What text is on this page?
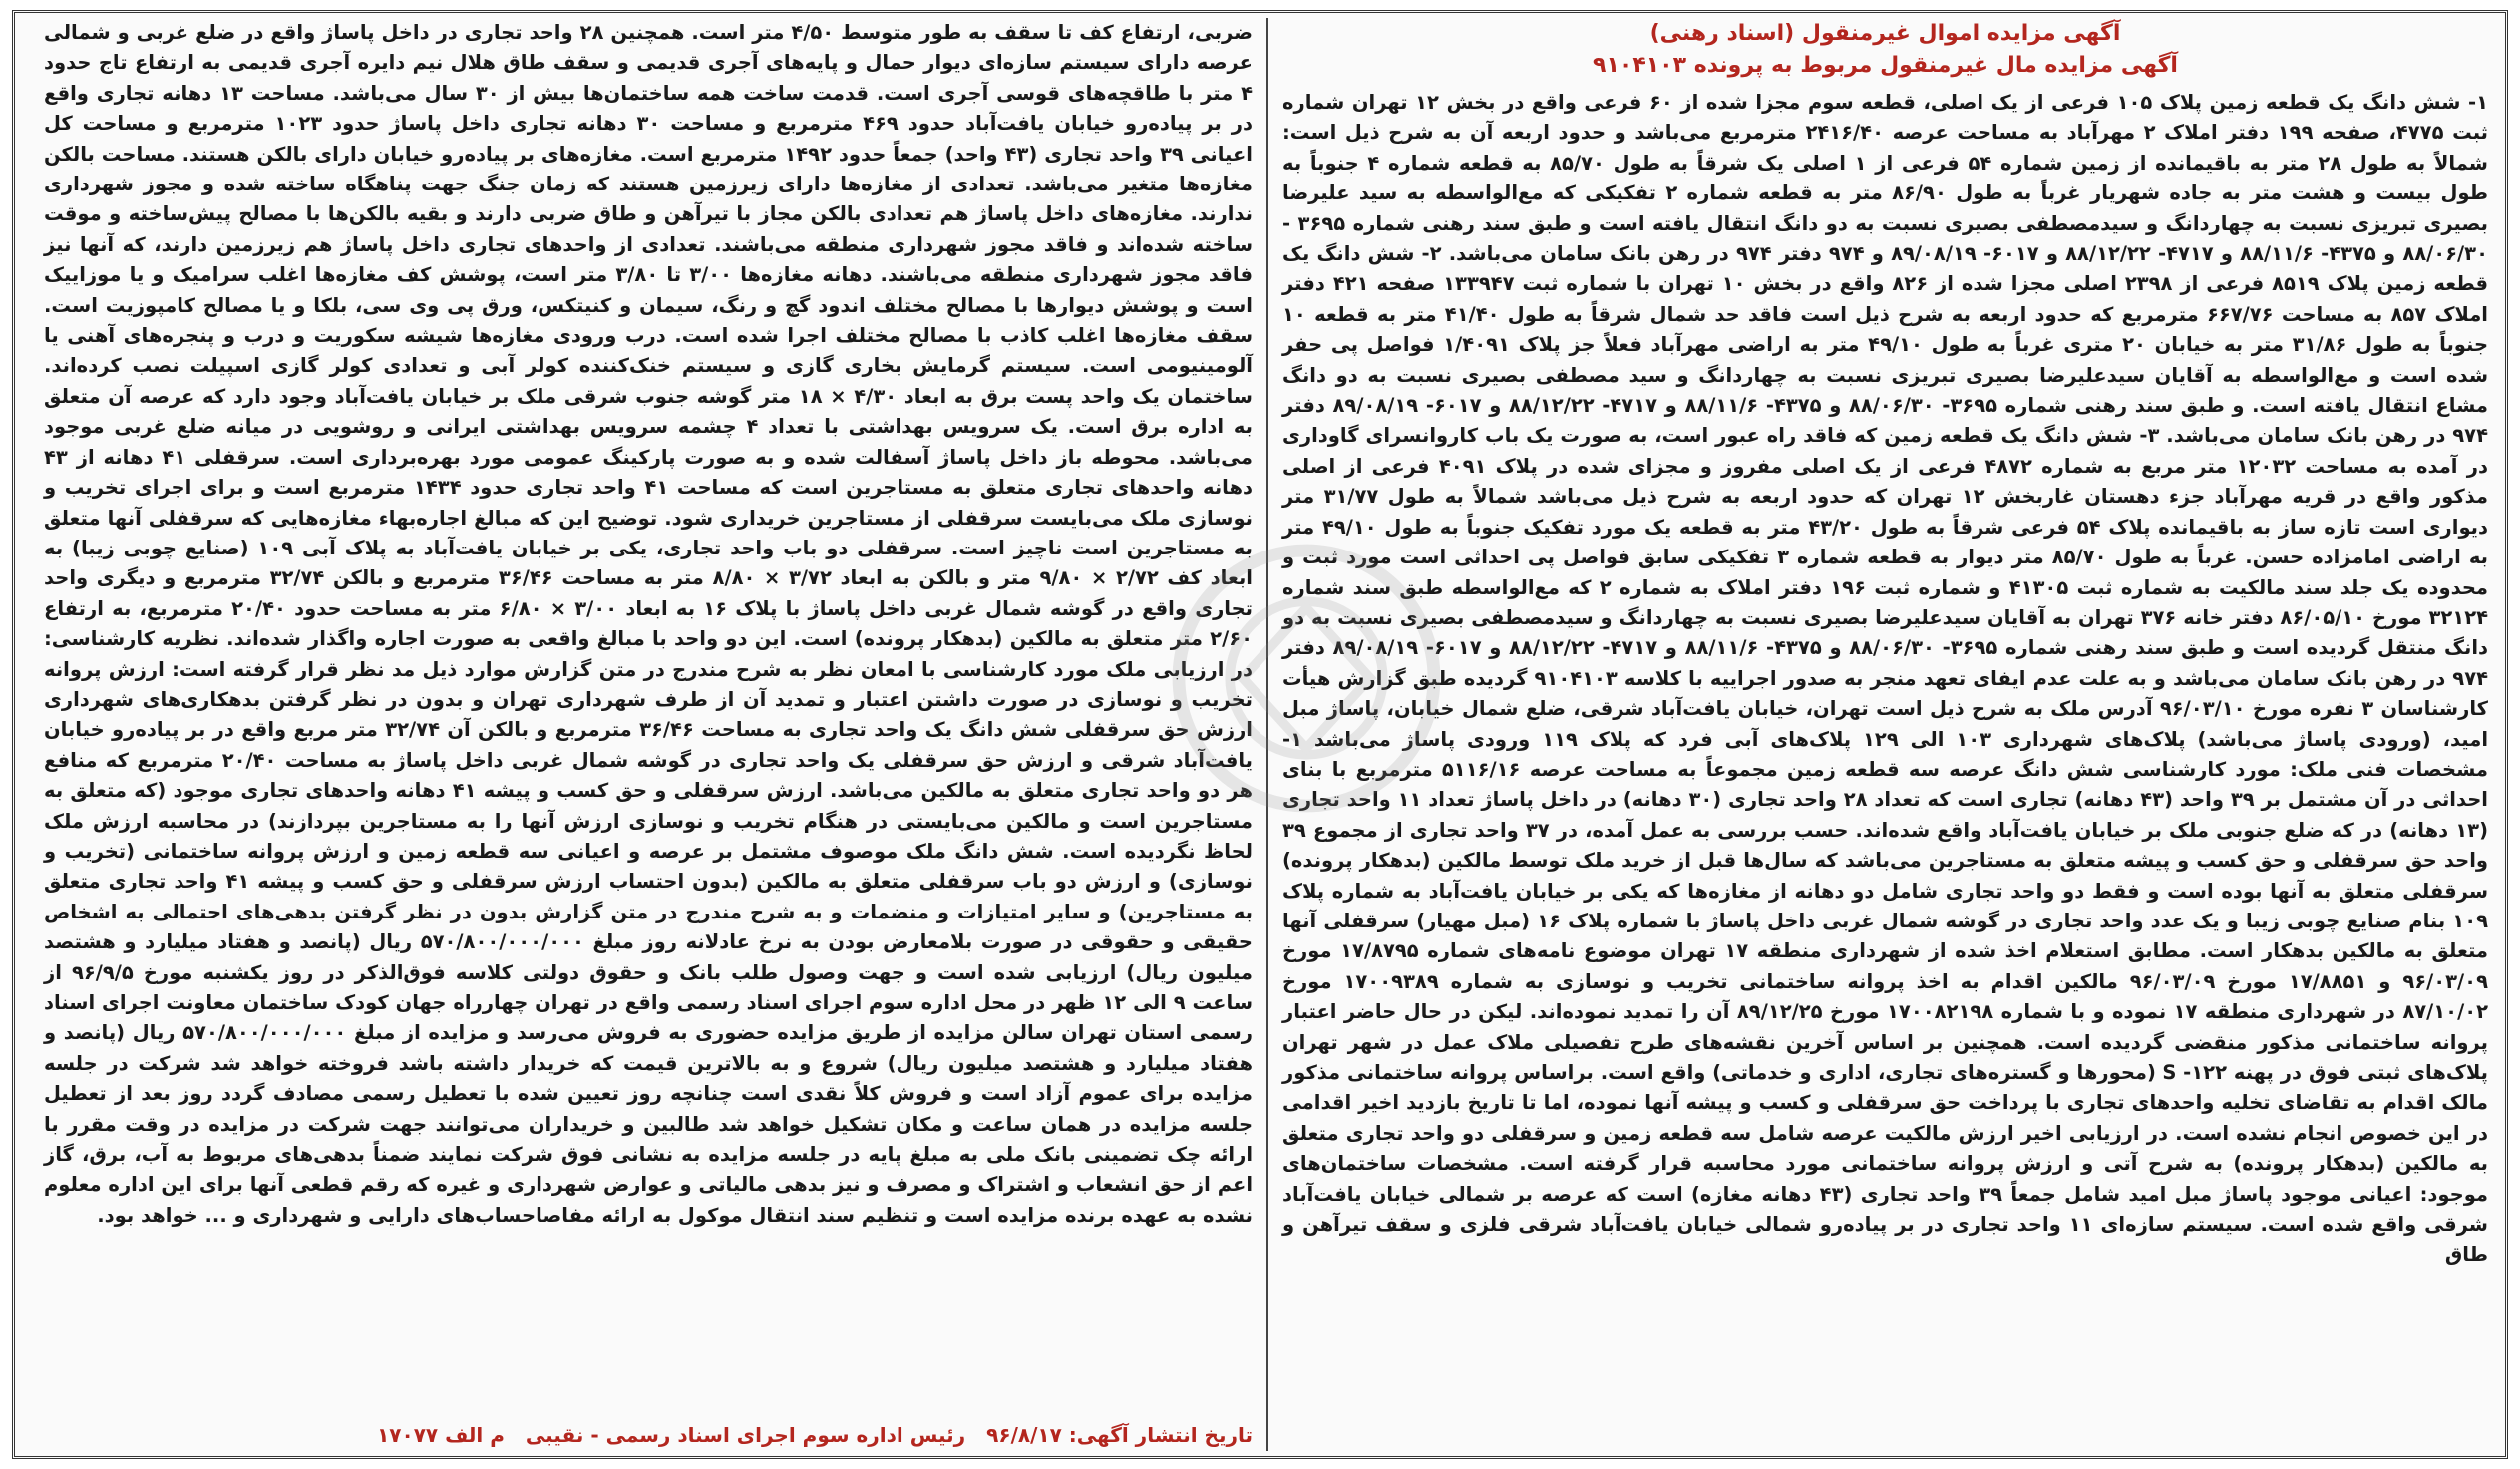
آگهی مزایده اموال غیرمنقول (اسناد رهنی)

آگهی مزایده مال غیرمنقول مربوط به پرونده ۹۱۰۴۱۰۳

۱- شش دانگ یک قطعه زمین پلاک ۱۰۵ فرعی از یک اصلی، قطعه سوم مجزا شده از ۶۰ فرعی واقع در بخش ۱۲ تهران شماره ثبت ۴۷۷۵، صفحه ۱۹۹ دفتر املاک ۲ مهرآباد به مساحت عرصه ۲۴۱۶/۴۰ مترمربع می‌باشد و حدود اربعه آن به شرح ذیل است: شمالاً به طول ۲۸ متر به باقیمانده از زمین شماره ۵۴ فرعی از ۱ اصلی یک شرقاً به طول ۸۵/۷۰ به قطعه شماره ۴ جنوباً به طول بیست و هشت متر به جاده شهریار غرباً به طول ۸۶/۹۰ متر به قطعه شماره ۲ تفکیکی که مع‌الواسطه به سید علیرضا بصیری تبریزی نسبت به چهاردانگ و سیدمصطفی بصیری نسبت به دو دانگ انتقال یافته است و طبق سند رهنی شماره ۳۶۹۵ - ۸۸/۰۶/۳۰ و ۴۳۷۵- ۸۸/۱۱/۶ و ۴۷۱۷- ۸۸/۱۲/۲۲ و ۶۰۱۷- ۸۹/۰۸/۱۹ و ۹۷۴ دفتر ۹۷۴ در رهن بانک سامان می‌باشد. ۲- شش دانگ یک قطعه زمین پلاک ۸۵۱۹ فرعی از ۲۳۹۸ اصلی مجزا شده از ۸۲۶ واقع در بخش ۱۰ تهران با شماره ثبت ۱۳۳۹۴۷ صفحه ۴۲۱ دفتر املاک ۸۵۷ به مساحت ۶۶۷/۷۶ مترمربع که حدود اربعه به شرح ذیل است فاقد حد شمال شرقاً به طول ۴۱/۴۰ متر به قطعه ۱۰ جنوباً به طول ۳۱/۸۶ متر به خیابان ۲۰ متری غرباً به طول ۴۹/۱۰ متر به اراضی مهرآباد فعلاً جز پلاک ۱/۴۰۹۱ فواصل پی حفر شده است و مع‌الواسطه به آقایان سیدعلیرضا بصیری تبریزی نسبت به چهاردانگ و سید مصطفی بصیری نسبت به دو دانگ مشاع انتقال یافته است. و طبق سند رهنی شماره ۳۶۹۵- ۸۸/۰۶/۳۰ و ۴۳۷۵- ۸۸/۱۱/۶ و ۴۷۱۷- ۸۸/۱۲/۲۲ و ۶۰۱۷- ۸۹/۰۸/۱۹ دفتر ۹۷۴ در رهن بانک سامان می‌باشد. ۳- شش دانگ یک قطعه زمین که فاقد راه عبور است، به صورت یک باب کاروانسرای گاوداری در آمده به مساحت ۱۲۰۳۲ متر مربع به شماره ۴۸۷۲ فرعی از یک اصلی مفروز و مجزای شده در پلاک ۴۰۹۱ فرعی از اصلی مذکور واقع در قریه مهرآباد جزء دهستان غاربخش ۱۲ تهران که حدود اربعه به شرح ذیل می‌باشد شمالاً به طول ۳۱/۷۷ متر دیواری است تازه ساز به باقیمانده پلاک ۵۴ فرعی شرقاً به طول ۴۳/۲۰ متر به قطعه یک مورد تفکیک جنوباً به طول ۴۹/۱۰ متر به اراضی امامزاده حسن. غرباً به طول ۸۵/۷۰ متر دیوار به قطعه شماره ۳ تفکیکی سابق فواصل پی احداثی است مورد ثبت و محدوده یک جلد سند مالکیت به شماره ثبت ۴۱۳۰۵ و شماره ثبت ۱۹۶ دفتر املاک به شماره ۲ که مع‌الواسطه طبق سند شماره ۳۲۱۲۴ مورخ ۸۶/۰۵/۱۰ دفتر خانه ۳۷۶ تهران به آقایان سیدعلیرضا بصیری نسبت به چهاردانگ و سیدمصطفی بصیری نسبت به دو دانگ منتقل گردیده است و طبق سند رهنی شماره ۳۶۹۵- ۸۸/۰۶/۳۰ و ۴۳۷۵- ۸۸/۱۱/۶ و ۴۷۱۷- ۸۸/۱۲/۲۲ و ۶۰۱۷- ۸۹/۰۸/۱۹ دفتر ۹۷۴ در رهن بانک سامان می‌باشد و به علت عدم ایفای تعهد منجر به صدور اجراییه با کلاسه ۹۱۰۴۱۰۳ گردیده طبق گزارش هیأت کارشناسان ۳ نفره مورخ ۹۶/۰۳/۱۰ آدرس ملک به شرح ذیل است تهران، خیابان یافت‌آباد شرقی، ضلع شمال خیابان، پاساژ مبل امید، (ورودی پاساژ می‌باشد) پلاک‌های شهرداری ۱۰۳ الی ۱۲۹ پلاک‌های آبی فرد که پلاک ۱۱۹ ورودی پاساژ می‌باشد ۱- مشخصات فنی ملک: مورد کارشناسی شش دانگ عرصه سه قطعه زمین مجموعاً به مساحت عرصه ۵۱۱۶/۱۶ مترمربع با بنای احداثی در آن مشتمل بر ۳۹ واحد (۴۳ دهانه) تجاری است که تعداد ۲۸ واحد تجاری (۳۰ دهانه) در داخل پاساژ تعداد ۱۱ واحد تجاری (۱۳ دهانه) در که ضلع جنوبی ملک بر خیابان یافت‌آباد واقع شده‌اند. حسب بررسی به عمل آمده، در ۳۷ واحد تجاری از مجموع ۳۹ واحد حق سرقفلی و حق کسب و پیشه متعلق به مستاجرین می‌باشد که سال‌ها قبل از خرید ملک توسط مالکین (بدهکار پرونده) سرقفلی متعلق به آنها بوده است و فقط دو واحد تجاری شامل دو دهانه از مغازه‌ها که یکی بر خیابان یافت‌آباد به شماره پلاک ۱۰۹ بنام صنایع چوبی زیبا و یک عدد واحد تجاری در گوشه شمال غربی داخل پاساژ با شماره پلاک ۱۶ (مبل مهیار) سرقفلی آنها متعلق به مالکین بدهکار است. مطابق استعلام اخذ شده از شهرداری منطقه ۱۷ تهران موضوع نامه‌های شماره ۱۷/۸۷۹۵ مورخ ۹۶/۰۳/۰۹ و ۱۷/۸۸۵۱ مورخ ۹۶/۰۳/۰۹ مالکین اقدام به اخذ پروانه ساختمانی تخریب و نوسازی به شماره ۱۷۰۰۹۳۸۹ مورخ ۸۷/۱۰/۰۲ در شهرداری منطقه ۱۷ نموده و با شماره ۱۷۰۰۸۲۱۹۸ مورخ ۸۹/۱۲/۲۵ آن را تمدید نموده‌اند. لیکن در حال حاضر اعتبار پروانه ساختمانی مذکور منقضی گردیده است. همچنین بر اساس آخرین نقشه‌های طرح تفصیلی ملاک عمل در شهر تهران پلاک‌های ثبتی فوق در پهنه ۱۲۲- S (محورها و گستره‌های تجاری، اداری و خدماتی) واقع است. براساس پروانه ساختمانی مذکور مالک اقدام به تقاضای تخلیه واحدهای تجاری با پرداخت حق سرقفلی و کسب و پیشه آنها نموده، اما تا تاریخ بازدید اخیر اقدامی در این خصوص انجام نشده است. در ارزیابی اخیر ارزش مالکیت عرصه شامل سه قطعه زمین و سرقفلی دو واحد تجاری متعلق به مالکین (بدهکار پرونده) به شرح آتی و ارزش پروانه ساختمانی مورد محاسبه قرار گرفته است. مشخصات ساختمان‌های موجود: اعیانی موجود پاساژ مبل امید شامل جمعاً ۳۹ واحد تجاری (۴۳ دهانه مغازه) است که عرصه بر شمالی خیابان یافت‌آباد شرقی واقع شده است. سیستم سازه‌ای ۱۱ واحد تجاری در بر پیاده‌رو شمالی خیابان یافت‌آباد شرقی فلزی و سقف تیرآهن و طاق

ضربی، ارتفاع کف تا سقف به طور متوسط ۴/۵۰ متر است. همچنین ۲۸ واحد تجاری در داخل پاساژ واقع در ضلع غربی و شمالی عرصه دارای سیستم سازه‌ای دیوار حمال و پایه‌های آجری قدیمی و سقف طاق هلال نیم دایره آجری قدیمی به ارتفاع تاج حدود ۴ متر با طاقچه‌های قوسی آجری است. قدمت ساخت همه ساختمان‌ها بیش از ۳۰ سال می‌باشد. مساحت ۱۳ دهانه تجاری واقع در بر پیاده‌رو خیابان یافت‌آباد حدود ۴۶۹ مترمربع و مساحت ۳۰ دهانه تجاری داخل پاساژ حدود ۱۰۲۳ مترمربع و مساحت کل اعیانی ۳۹ واحد تجاری (۴۳ واحد) جمعاً حدود ۱۴۹۲ مترمربع است. مغازه‌های بر پیاده‌رو خیابان دارای بالکن هستند. مساحت بالکن مغازه‌ها متغیر می‌باشد. تعدادی از مغازه‌ها دارای زیرزمین هستند که زمان جنگ جهت پناهگاه ساخته شده و مجوز شهرداری ندارند. مغازه‌های داخل پاساژ هم تعدادی بالکن مجاز با تیرآهن و طاق ضربی دارند و بقیه بالکن‌ها با مصالح پیش‌ساخته و موقت ساخته شده‌اند و فاقد مجوز شهرداری منطقه می‌باشند. تعدادی از واحدهای تجاری داخل پاساژ هم زیرزمین دارند، که آنها نیز فاقد مجوز شهرداری منطقه می‌باشند. دهانه مغازه‌ها ۳/۰۰ تا ۳/۸۰ متر است، پوشش کف مغازه‌ها اغلب سرامیک و یا موزاییک است و پوشش دیوارها با مصالح مختلف اندود گچ و رنگ، سیمان و کنیتکس، ورق پی وی سی، بلکا و یا مصالح کامپوزیت است. سقف مغازه‌ها اغلب کاذب با مصالح مختلف اجرا شده است. درب ورودی مغازه‌ها شیشه سکوریت و درب و پنجره‌های آهنی یا آلومینیومی است. سیستم گرمایش بخاری گازی و سیستم خنک‌کننده کولر آبی و تعدادی کولر گازی اسپیلت نصب کرده‌اند. ساختمان یک واحد پست برق به ابعاد ۴/۳۰ × ۱۸ متر گوشه جنوب شرقی ملک بر خیابان یافت‌آباد وجود دارد که عرصه آن متعلق به اداره برق است. یک سرویس بهداشتی با تعداد ۴ چشمه سرویس بهداشتی ایرانی و روشویی در میانه ضلع غربی موجود می‌باشد. محوطه باز داخل پاساژ آسفالت شده و به صورت پارکینگ عمومی مورد بهره‌برداری است. سرقفلی ۴۱ دهانه از ۴۳ دهانه واحدهای تجاری متعلق به مستاجرین است که مساحت ۴۱ واحد تجاری حدود ۱۴۳۴ مترمربع است و برای اجرای تخریب و نوسازی ملک می‌بایست سرقفلی از مستاجرین خریداری شود. توضیح این که مبالغ اجاره‌بهاء مغازه‌هایی که سرقفلی آنها متعلق به مستاجرین است ناچیز است. سرقفلی دو باب واحد تجاری، یکی بر خیابان یافت‌آباد به پلاک آبی ۱۰۹ (صنایع چوبی زیبا) به ابعاد کف ۲/۷۲ × ۹/۸۰ متر و بالکن به ابعاد ۳/۷۲ × ۸/۸۰ متر به مساحت ۳۶/۴۶ مترمربع و بالکن ۳۲/۷۴ مترمربع و دیگری واحد تجاری واقع در گوشه شمال غربی داخل پاساژ با پلاک ۱۶ به ابعاد ۳/۰۰ × ۶/۸۰ متر به مساحت حدود ۲۰/۴۰ مترمربع، به ارتفاع ۲/۶۰ متر متعلق به مالکین (بدهکار پرونده) است. این دو واحد با مبالغ واقعی به صورت اجاره واگذار شده‌اند. نظریه کارشناسی: در ارزیابی ملک مورد کارشناسی با امعان نظر به شرح مندرج در متن گزارش موارد ذیل مد نظر قرار گرفته است: ارزش پروانه تخریب و نوسازی در صورت داشتن اعتبار و تمدید آن از طرف شهرداری تهران و بدون در نظر گرفتن بدهکاری‌های شهرداری ارزش حق سرقفلی شش دانگ یک واحد تجاری به مساحت ۳۶/۴۶ مترمربع و بالکن آن ۳۲/۷۴ متر مربع واقع در بر پیاده‌رو خیابان یافت‌آباد شرقی و ارزش حق سرقفلی یک واحد تجاری در گوشه شمال غربی داخل پاساژ به مساحت ۲۰/۴۰ مترمربع که منافع هر دو واحد تجاری متعلق به مالکین می‌باشد. ارزش سرقفلی و حق کسب و پیشه ۴۱ دهانه واحدهای تجاری موجود (که متعلق به مستاجرین است و مالکین می‌بایستی در هنگام تخریب و نوسازی ارزش آنها را به مستاجرین بپردازند) در محاسبه ارزش ملک لحاظ نگردیده است. شش دانگ ملک موصوف مشتمل بر عرصه و اعیانی سه قطعه زمین و ارزش پروانه ساختمانی (تخریب و نوسازی) و ارزش دو باب سرقفلی متعلق به مالکین (بدون احتساب ارزش سرقفلی و حق کسب و پیشه ۴۱ واحد تجاری متعلق به مستاجرین) و سایر امتیازات و منضمات و به شرح مندرج در متن گزارش بدون در نظر گرفتن بدهی‌های احتمالی به اشخاص حقیقی و حقوقی در صورت بلامعارض بودن به نرخ عادلانه روز مبلغ ۵۷۰/۸۰۰/۰۰۰/۰۰۰ ریال (پانصد و هفتاد میلیارد و هشتصد میلیون ریال) ارزیابی شده است و جهت وصول طلب بانک و حقوق دولتی کلاسه فوق‌الذکر در روز یکشنبه مورخ ۹۶/۹/۵ از ساعت ۹ الی ۱۲ ظهر در محل اداره سوم اجرای اسناد رسمی واقع در تهران چهارراه جهان کودک ساختمان معاونت اجرای اسناد رسمی استان تهران سالن مزایده از طریق مزایده حضوری به فروش می‌رسد و مزایده از مبلغ ۵۷۰/۸۰۰/۰۰۰/۰۰۰ ریال (پانصد و هفتاد میلیارد و هشتصد میلیون ریال) شروع و به بالاترین قیمت که خریدار داشته باشد فروخته خواهد شد شرکت در جلسه مزایده برای عموم آزاد است و فروش کلاً نقدی است چنانچه روز تعیین شده با تعطیل رسمی مصادف گردد روز بعد از تعطیل جلسه مزایده در همان ساعت و مکان تشکیل خواهد شد طالبین و خریداران می‌توانند جهت شرکت در مزایده در وقت مقرر با ارائه چک تضمینی بانک ملی به مبلغ پایه در جلسه مزایده به نشانی فوق شرکت نمایند ضمناً بدهی‌های مربوط به آب، برق، گاز اعم از حق انشعاب و اشتراک و مصرف و نیز بدهی مالیاتی و عوارض شهرداری و غیره که رقم قطعی آنها برای این اداره معلوم نشده به عهده برنده مزایده است و تنظیم سند انتقال موکول به ارائه مفاصاحساب‌های دارایی و شهرداری و ... خواهد بود.

تاریخ انتشار آگهی: ۹۶/۸/۱۷ رئیس اداره سوم اجرای اسناد رسمی - نقیبی م الف ۱۷۰۷۷
